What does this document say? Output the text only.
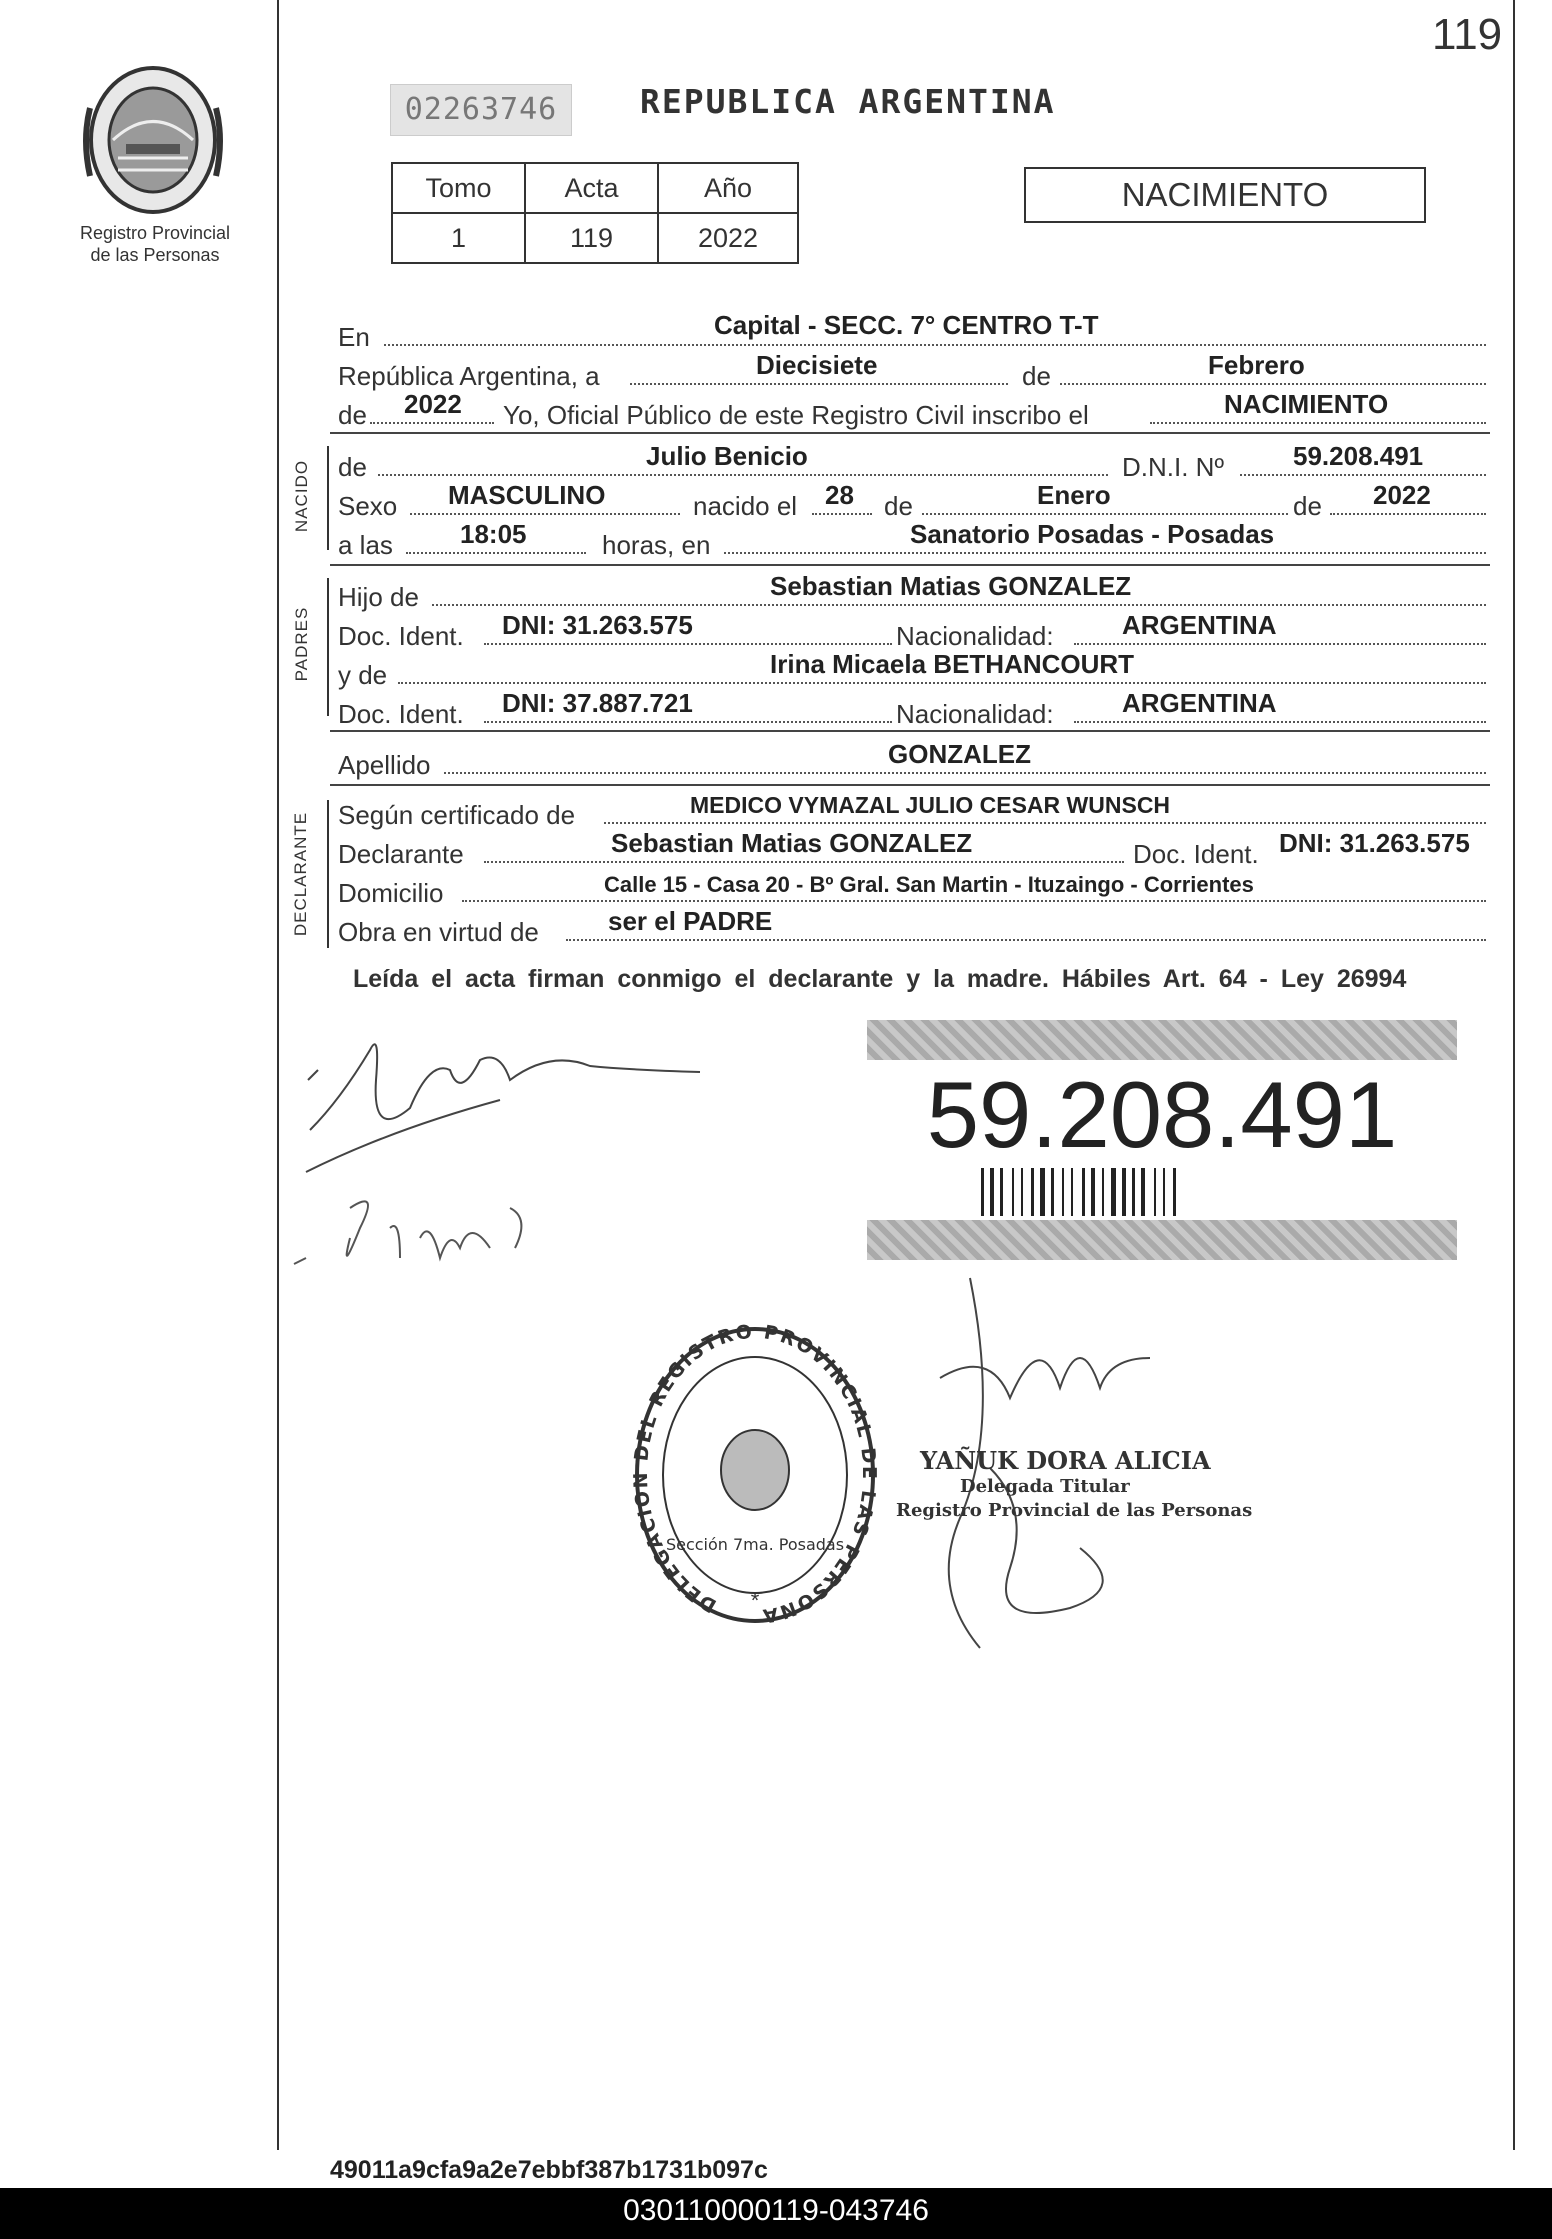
Registro Provincial
de las Personas
119
02263746	REPUBLICA ARGENTINA
Tomo	Acta	Año
1	119	2022
NACIMIENTO
En	Capital - SECC. 7° CENTRO T-T
República Argentina, a	Diecisiete	de	Febrero
de 2022 Yo, Oficial Público de este Registro Civil inscribo el	NACIMIENTO
NACIDO de	Julio Benicio	D.N.I. Nº	59.208.491
Sexo MASCULINO	nacido el 28 de	Enero	de 2022
a las	18:05	horas, en	Sanatorio Posadas - Posadas
PADRES
Hijo de	Sebastian Matias GONZALEZ
Doc. Ident. DNI: 31.263.575	Nacionalidad:	ARGENTINA
y de	Irina Micaela BETHANCOURT
Doc. Ident. DNI: 37.887.721	Nacionalidad:	ARGENTINA
Apellido	GONZALEZ
DECLARANTE Según certificado de	MEDICO VYMAZAL JULIO CESAR WUNSCH
Declarante	Sebastian Matias GONZALEZ	Doc. Ident. DNI: 31.263.575
Domicilio	Calle 15 - Casa 20 - Bº Gral. San Martin - Ituzaingo - Corrientes
Obra en virtud de	ser el PADRE
Leída el acta firman conmigo el declarante y la madre. Hábiles Art. 64 - Ley 26994
59.208.491
DELEGACION DEL REGISTRO PROVINCIAL DE LAS PERSONA
Sección 7ma. Posadas
*
YAÑUK DORA ALICIA
Delegada Titular
Registro Provincial de las Personas
49011a9cfa9a2e7ebbf387b1731b097c
030110000119-043746
